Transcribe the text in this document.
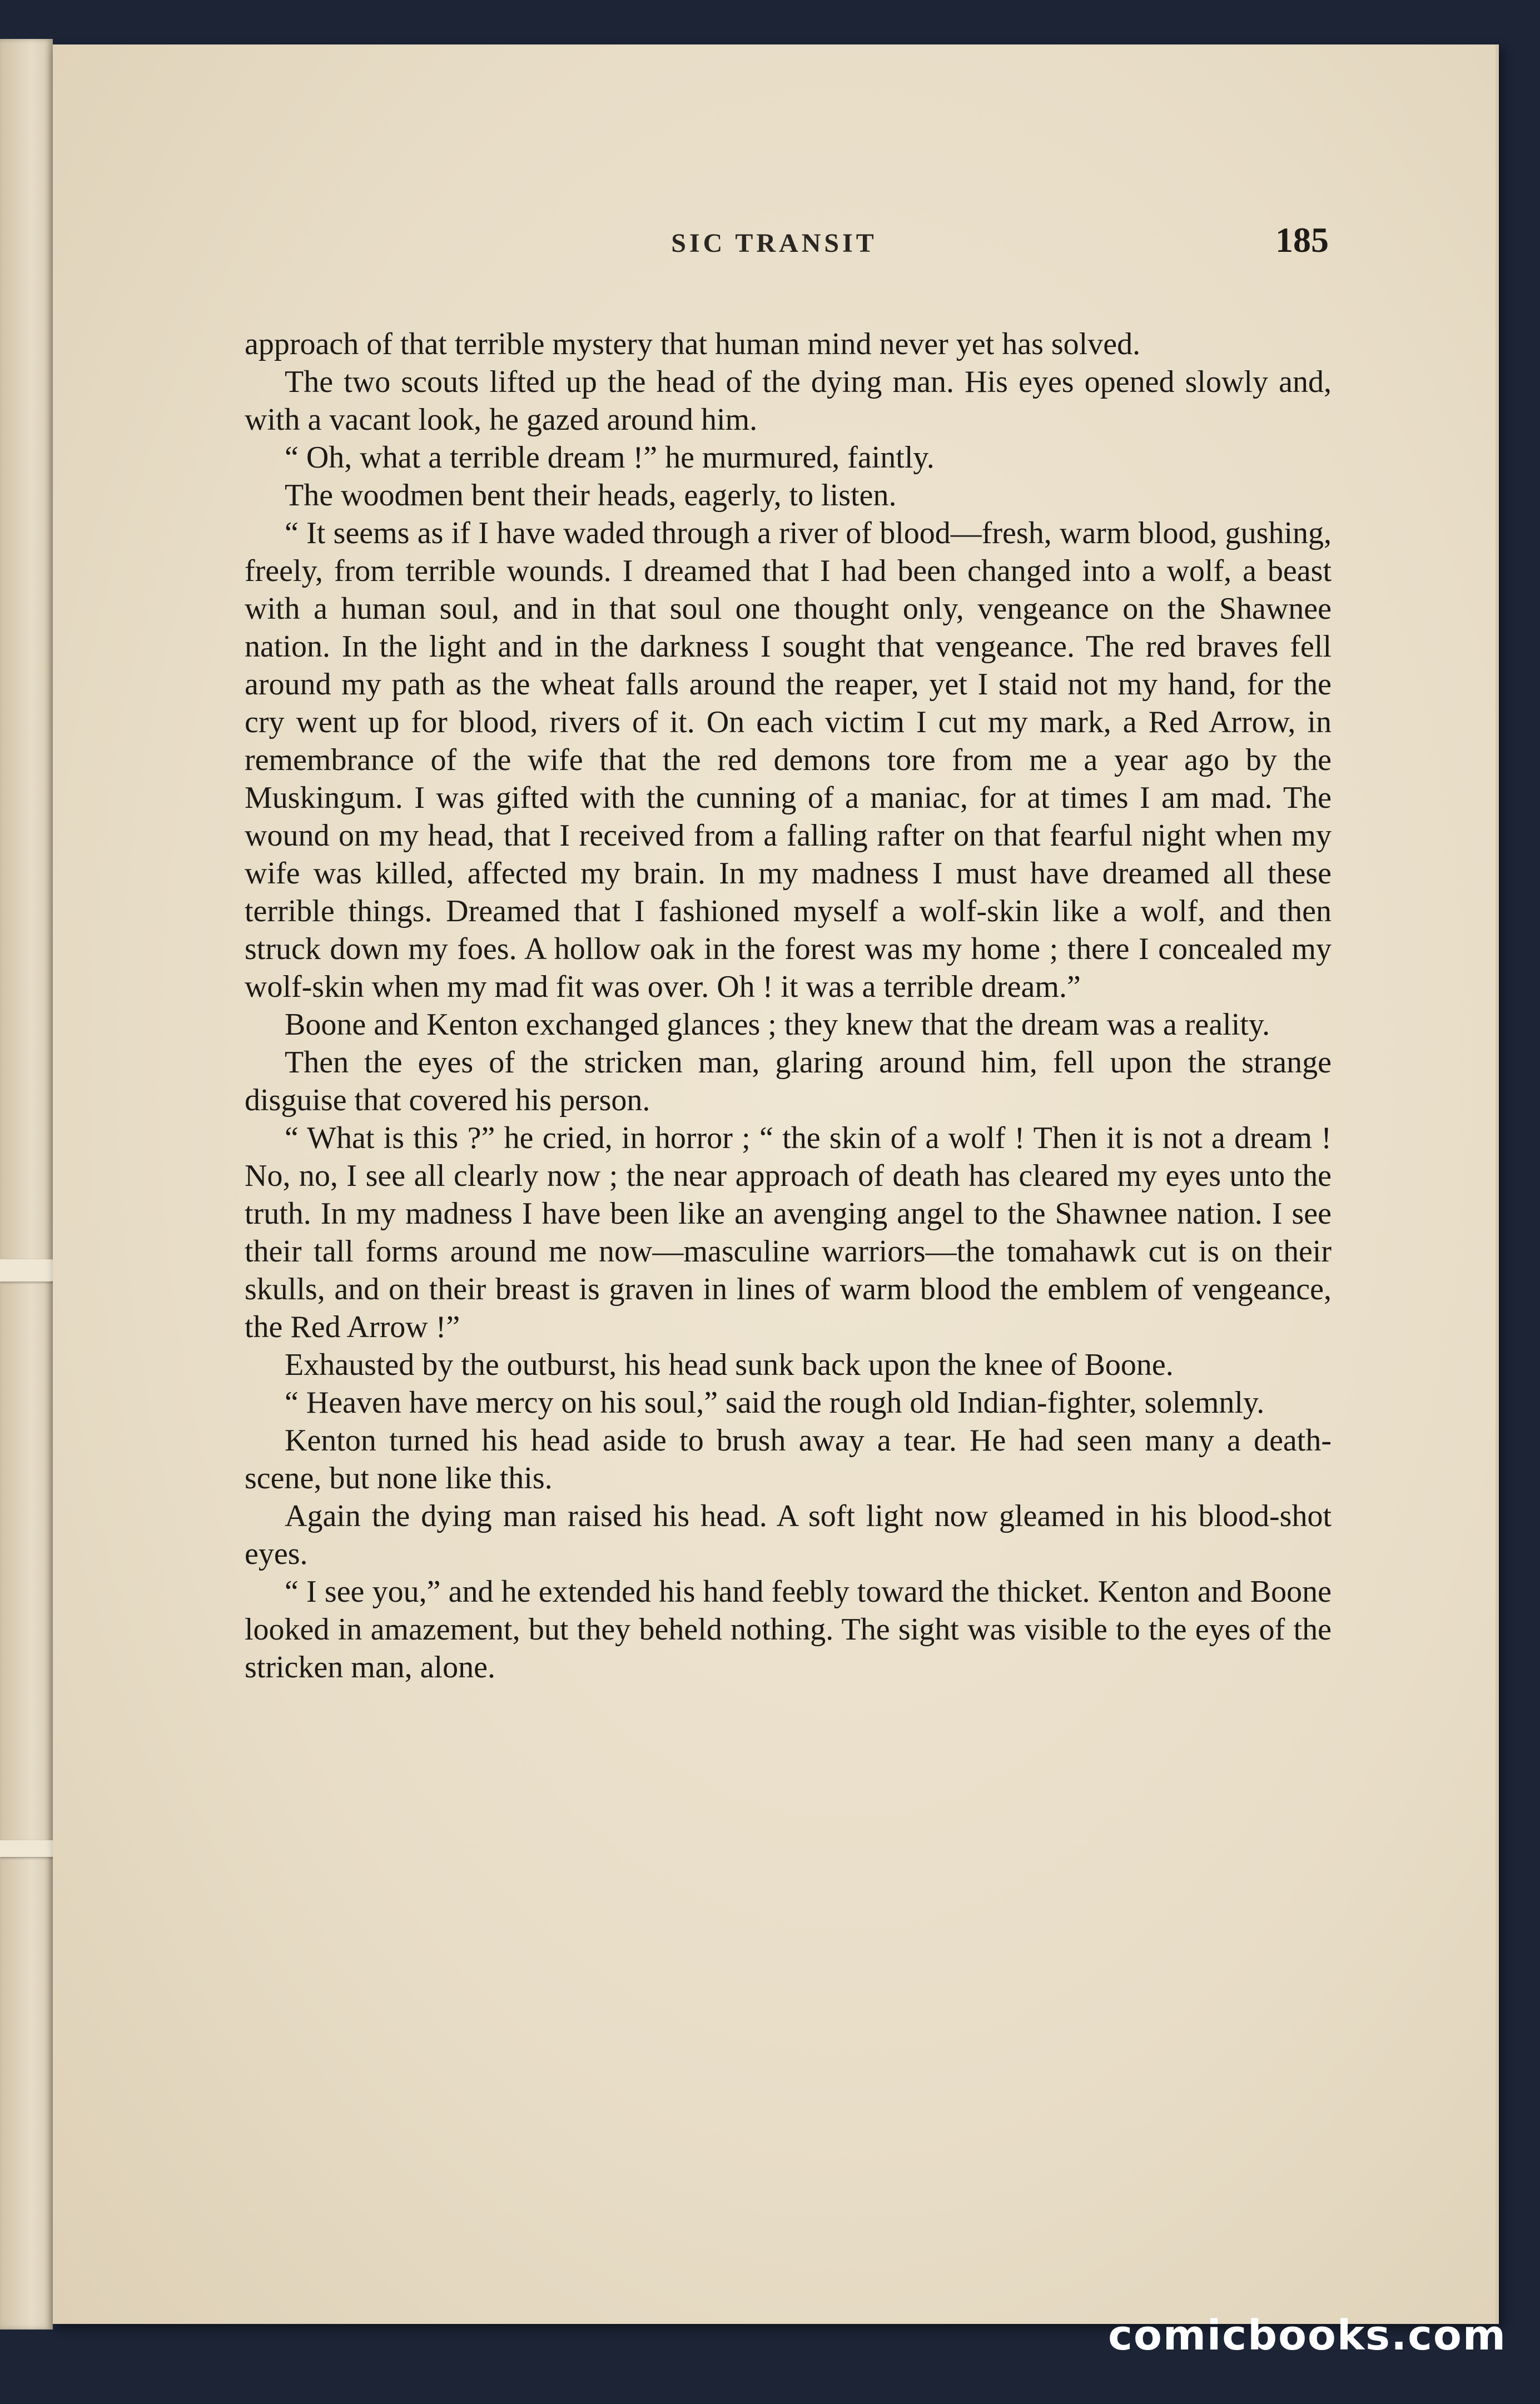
SIC TRANSIT	185

approach of that terrible mystery that human mind never yet has solved.

The two scouts lifted up the head of the dying man. His eyes opened slowly and, with a vacant look, he gazed around him.

“ Oh, what a terrible dream !” he murmured, faintly.

The woodmen bent their heads, eagerly, to listen.

“ It seems as if I have waded through a river of blood—fresh, warm blood, gushing, freely, from terrible wounds. I dreamed that I had been changed into a wolf, a beast with a human soul, and in that soul one thought only, vengeance on the Shawnee nation. In the light and in the darkness I sought that vengeance. The red braves fell around my path as the wheat falls around the reaper, yet I staid not my hand, for the cry went up for blood, rivers of it. On each victim I cut my mark, a Red Arrow, in remembrance of the wife that the red demons tore from me a year ago by the Muskingum. I was gifted with the cunning of a maniac, for at times I am mad. The wound on my head, that I received from a falling rafter on that fearful night when my wife was killed, affected my brain. In my madness I must have dreamed all these terrible things. Dreamed that I fashioned myself a wolf-skin like a wolf, and then struck down my foes. A hollow oak in the forest was my home ; there I concealed my wolf-skin when my mad fit was over. Oh ! it was a terrible dream.”

Boone and Kenton exchanged glances ; they knew that the dream was a reality.

Then the eyes of the stricken man, glaring around him, fell upon the strange disguise that covered his person.

“ What is this ?” he cried, in horror ; “ the skin of a wolf ! Then it is not a dream ! No, no, I see all clearly now ; the near approach of death has cleared my eyes unto the truth. In my madness I have been like an avenging angel to the Shawnee nation. I see their tall forms around me now—masculine warriors—the tomahawk cut is on their skulls, and on their breast is graven in lines of warm blood the emblem of vengeance, the Red Arrow !”

Exhausted by the outburst, his head sunk back upon the knee of Boone.

“ Heaven have mercy on his soul,” said the rough old Indian-fighter, solemnly.

Kenton turned his head aside to brush away a tear. He had seen many a death-scene, but none like this.

Again the dying man raised his head. A soft light now gleamed in his blood-shot eyes.

“ I see you,” and he extended his hand feebly toward the thicket. Kenton and Boone looked in amazement, but they beheld nothing. The sight was visible to the eyes of the stricken man, alone.

comicbooks.com
